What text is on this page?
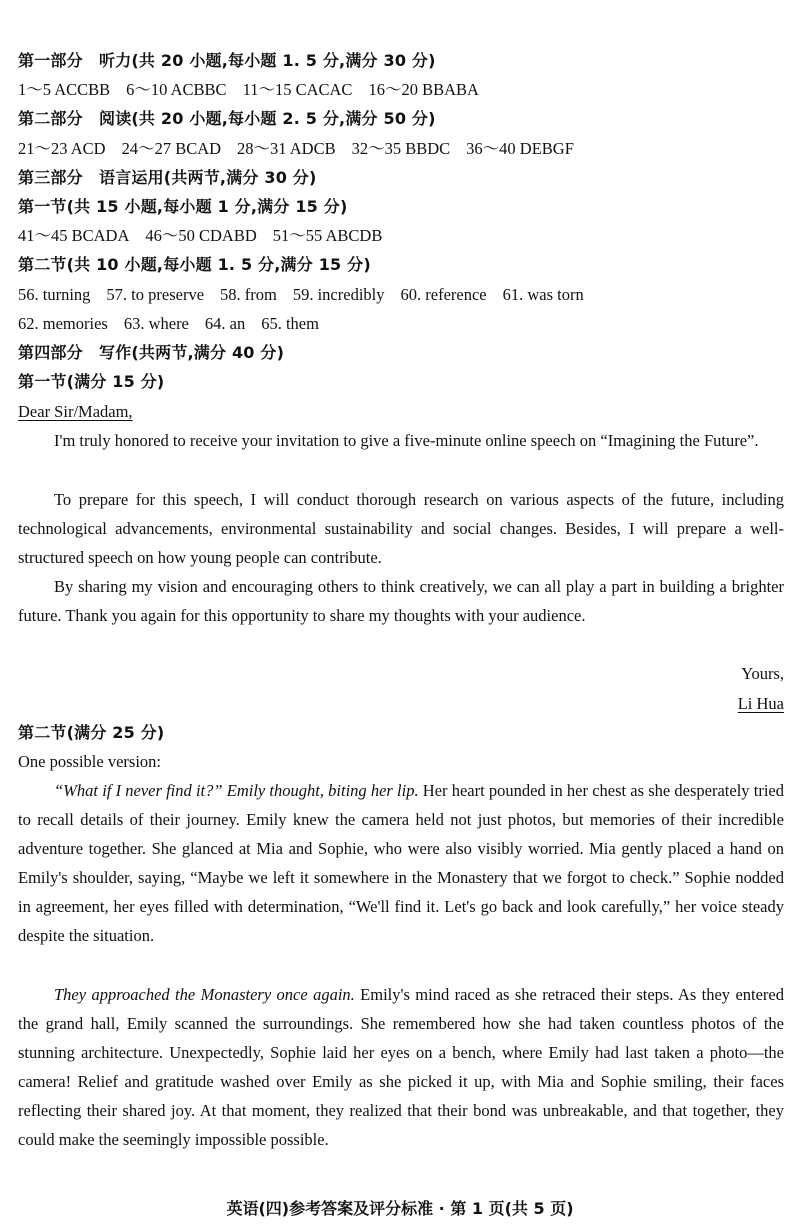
第一部分　听力(共 20 小题,每小题 1. 5 分,满分 30 分)
1～5 ACCBB 6～10 ACBBC 11～15 CACAC 16～20 BBABA
第二部分　阅读(共 20 小题,每小题 2. 5 分,满分 50 分)
21～23 ACD 24～27 BCAD 28～31 ADCB 32～35 BBDC 36～40 DEBGF
第三部分　语言运用(共两节,满分 30 分)
第一节(共 15 小题,每小题 1 分,满分 15 分)
41～45 BCADA 46～50 CDABD 51～55 ABCDB
第二节(共 10 小题,每小题 1. 5 分,满分 15 分)
56. turning 57. to preserve 58. from 59. incredibly 60. reference 61. was torn
62. memories 63. where 64. an 65. them
第四部分　写作(共两节,满分 40 分)
第一节(满分 15 分)
Dear Sir/Madam,
I'm truly honored to receive your invitation to give a five-minute online speech on “Imagining the Future”.
To prepare for this speech, I will conduct thorough research on various aspects of the future, including technological advancements, environmental sustainability and social changes. Besides, I will prepare a well-structured speech on how young people can contribute.
By sharing my vision and encouraging others to think creatively, we can all play a part in building a brighter future. Thank you again for this opportunity to share my thoughts with your audience.
Yours,
Li Hua
第二节(满分 25 分)
One possible version:
“What if I never find it?” Emily thought, biting her lip. Her heart pounded in her chest as she desperately tried to recall details of their journey. Emily knew the camera held not just photos, but memories of their incredible adventure together. She glanced at Mia and Sophie, who were also visibly worried. Mia gently placed a hand on Emily's shoulder, saying, “Maybe we left it somewhere in the Monastery that we forgot to check.” Sophie nodded in agreement, her eyes filled with determination, “We'll find it. Let's go back and look carefully,” her voice steady despite the situation.
They approached the Monastery once again. Emily's mind raced as she retraced their steps. As they entered the grand hall, Emily scanned the surroundings. She remembered how she had taken countless photos of the stunning architecture. Unexpectedly, Sophie laid her eyes on a bench, where Emily had last taken a photo—the camera! Relief and gratitude washed over Emily as she picked it up, with Mia and Sophie smiling, their faces reflecting their shared joy. At that moment, they realized that their bond was unbreakable, and that together, they could make the seemingly impossible possible.
英语(四)参考答案及评分标准 · 第 1 页(共 5 页)
